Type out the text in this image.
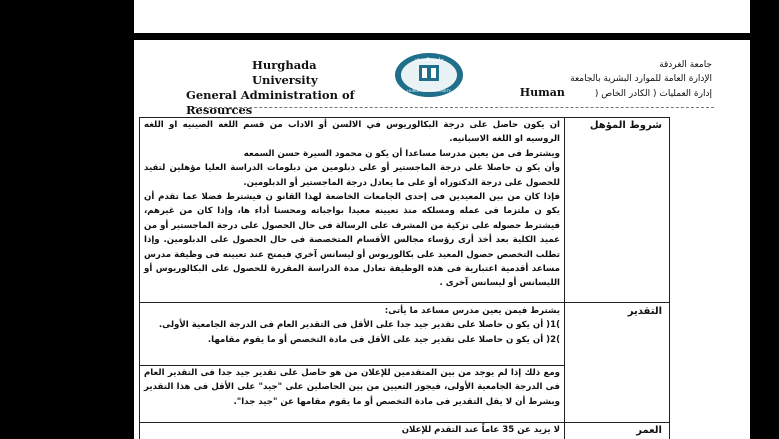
Hurghada University
General Administration of
Resources
جامعة الغردقة
HURGHADA UNIVERSITY
جامعة الغردقة
الإدارة العامة للموارد البشرية بالجامعة
إدارة العمليات ( الكادر الخاص (Human
شروط المؤهل

ان يكون حاصل على درجة البكالوريوس في الالسن أو الاداب من قسم اللغه الصينيه او اللغه الروسيه او اللغه الاسبانيه.

ويشترط فى من يعين مدرسا مساعدا أن يكو ن محمود السيرة حسن السمعه

وأن يكو ن حاصلا على درجة الماجستير أو على دبلومين من دبلومات الدراسة العليا مؤهلين لتقيد للحصول على درجة الدكتوراه أو على ما يعادل درجة الماجستير أو الدبلومين.

فإذا كان من بين المعيدين فى إحدى الجامعات الخاضعة لهذا القانو ن فيشترط فضلا عما تقدم أن يكو ن ملتزما فى عمله ومسلكه منذ تعيينه معيدا بواجباته ومحسنا أداء ها، وإذا كان من غيرهم، فيشترط حصوله على تزكية من المشرف على الرسالة فى حال الحصول على درجة الماجستير أو من عميد الكلية بعد أخذ أرى رؤساء مجالس الأقسام المتخصصة فى حال الحصول على الدبلومين. وإذا تطلب التخصص حصول المعيد على بكالوريوس أو ليسانس آخري فيمنح عند تعيينه فى وظيفة مدرس مساعد أقدمية اعتبارية فى هذه الوظيفة تعادل مدة الدراسة المقررة للحصول على البكالوريوس أو الليسانس أو ليسانس آخرى .

التقدير

يشترط فيمن يعين مدرس مساعد ما يأتى:

)1( أن يكو ن حاصلا على تقدير جيد جدا على الأقل فى التقدير العام فى الدرجة الجامعية الأولى.

)2( أن يكو ن حاصلا على تقدير جيد على الأقل فى مادة التخصص أو ما يقوم مقامها.

ومع ذلك إذا لم يوجد من بين المتقدمين للإعلان من هو حاصل على تقدير جيد جدا فى التقدير العام فى الدرجة الجامعية الأولى، فيجوز التعيين من بين الحاصلين على "جيد" على الأقل فى هذا التقدير وبشرط أن لا يقل التقدير فى مادة التخصص أو ما يقوم مقامها عن "جيد جدا".

العمر

لا يزيد عن 35 عاماً عند التقدم للإعلان
